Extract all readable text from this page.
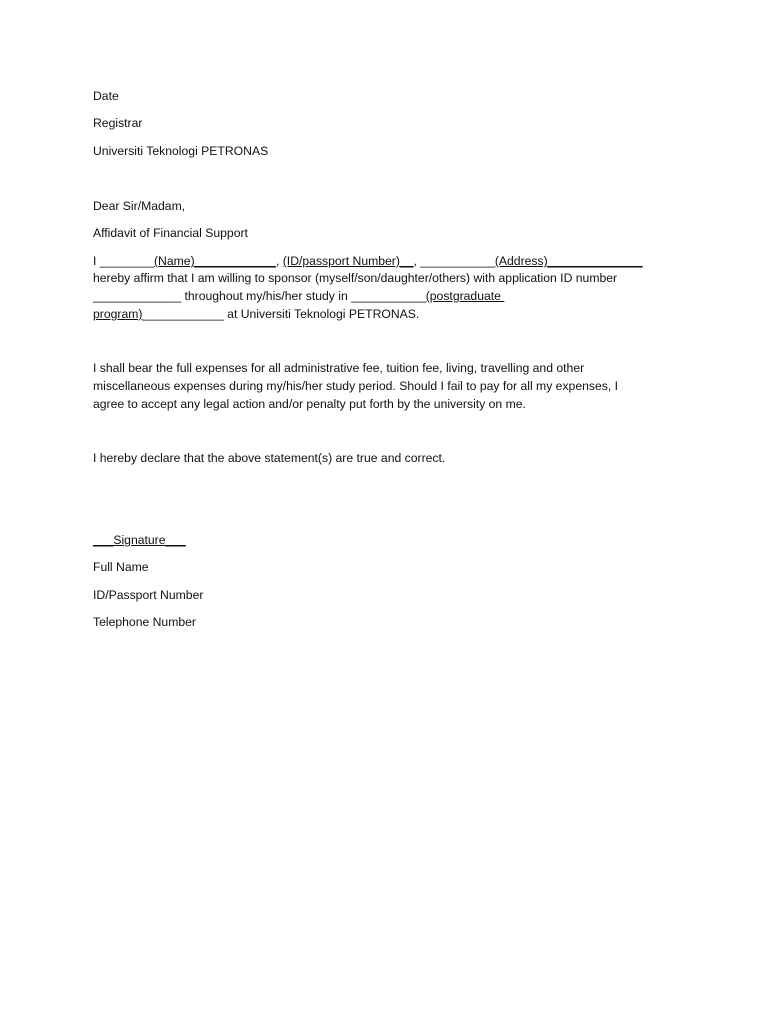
Date
Registrar
Universiti Teknologi PETRONAS
Dear Sir/Madam,
Affidavit of Financial Support
I ________(Name)____________, (ID/passport Number)__, ___________(Address)______________
hereby affirm that I am willing to sponsor (myself/son/daughter/others) with application ID number
_____________ throughout my/his/her study in ___________(postgraduate
program)____________ at Universiti Teknologi PETRONAS.
I shall bear the full expenses for all administrative fee, tuition fee, living, travelling and other
miscellaneous expenses during my/his/her study period. Should I fail to pay for all my expenses, I
agree to accept any legal action and/or penalty put forth by the university on me.
I hereby declare that the above statement(s) are true and correct.
___Signature___
Full Name
ID/Passport Number
Telephone Number
